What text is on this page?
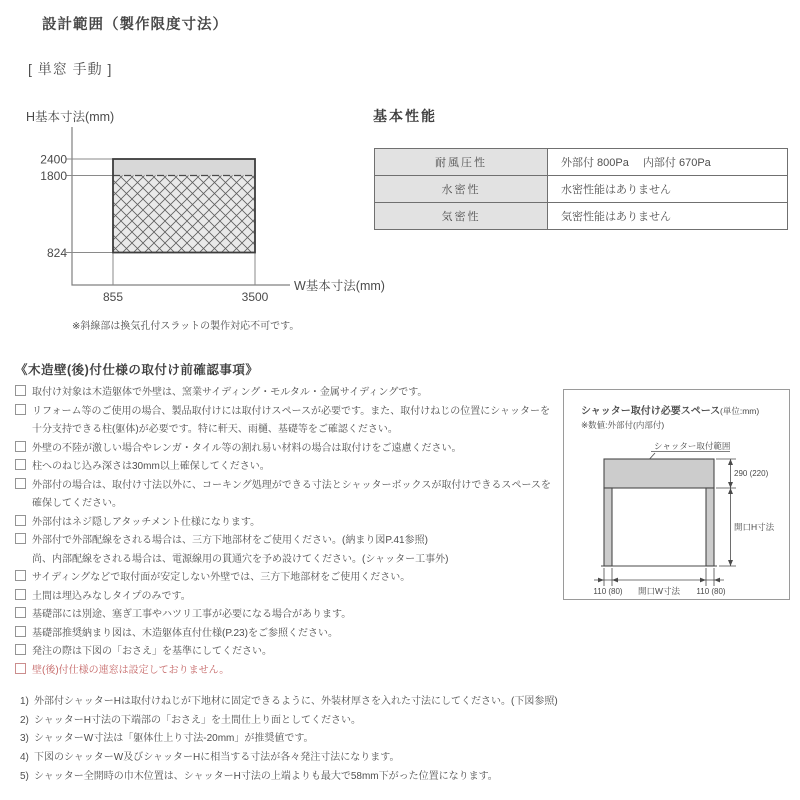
設計範囲（製作限度寸法）
[ 単窓 手動 ]
H基本寸法(mm)
2400
1800
824
855	3500
W基本寸法(mm)
※斜線部は換気孔付スラットの製作対応不可です。
基本性能
耐風圧性	外部付 800Pa　 内部付 670Pa
水密性	水密性能はありません
気密性	気密性能はありません
《木造壁(後)付仕様の取付け前確認事項》
取付け対象は木造躯体で外壁は、窯業サイディング・モルタル・金属サイディングです。
リフォーム等のご使用の場合、製品取付けには取付けスペースが必要です。また、取付けねじの位置にシャッターを
十分支持できる柱(躯体)が必要です。特に軒天、雨樋、基礎等をご確認ください。
外壁の不陸が激しい場合やレンガ・タイル等の割れ易い材料の場合は取付けをご遠慮ください。
柱へのねじ込み深さは30mm以上確保してください。
外部付の場合は、取付け寸法以外に、コーキング処理ができる寸法とシャッターボックスが取付けできるスペースを
確保してください。
外部付はネジ隠しアタッチメント仕様になります。
外部付で外部配線をされる場合は、三方下地部材をご使用ください。(納まり図P.41参照)
尚、内部配線をされる場合は、電源線用の貫通穴を予め設けてください。(シャッター工事外)
サイディングなどで取付面が安定しない外壁では、三方下地部材をご使用ください。
土間は埋込みなしタイプのみです。
基礎部には別途、塞ぎ工事やハツリ工事が必要になる場合があります。
基礎部推奨納まり図は、木造躯体直付仕様(P.23)をご参照ください。
発注の際は下図の「おさえ」を基準にしてください。
壁(後)付仕様の連窓は設定しておりません。
1) 外部付シャッターHは取付けねじが下地材に固定できるように、外装材厚さを入れた寸法にしてください。(下図参照)
2) シャッターH寸法の下端部の「おさえ」を土間仕上り面としてください。
3) シャッターW寸法は「躯体仕上り寸法-20mm」が推奨値です。
4) 下図のシャッターW及びシャッターHに相当する寸法が各々発注寸法になります。
5) シャッター全開時の巾木位置は、シャッターH寸法の上端よりも最大で58mm下がった位置になります。
シャッター取付け必要スペース (単位:mm)
※数値:外部付(内部付)
シャッター取付範囲
290 (220)
開口H寸法
110 (80) 開口W寸法 110 (80)
